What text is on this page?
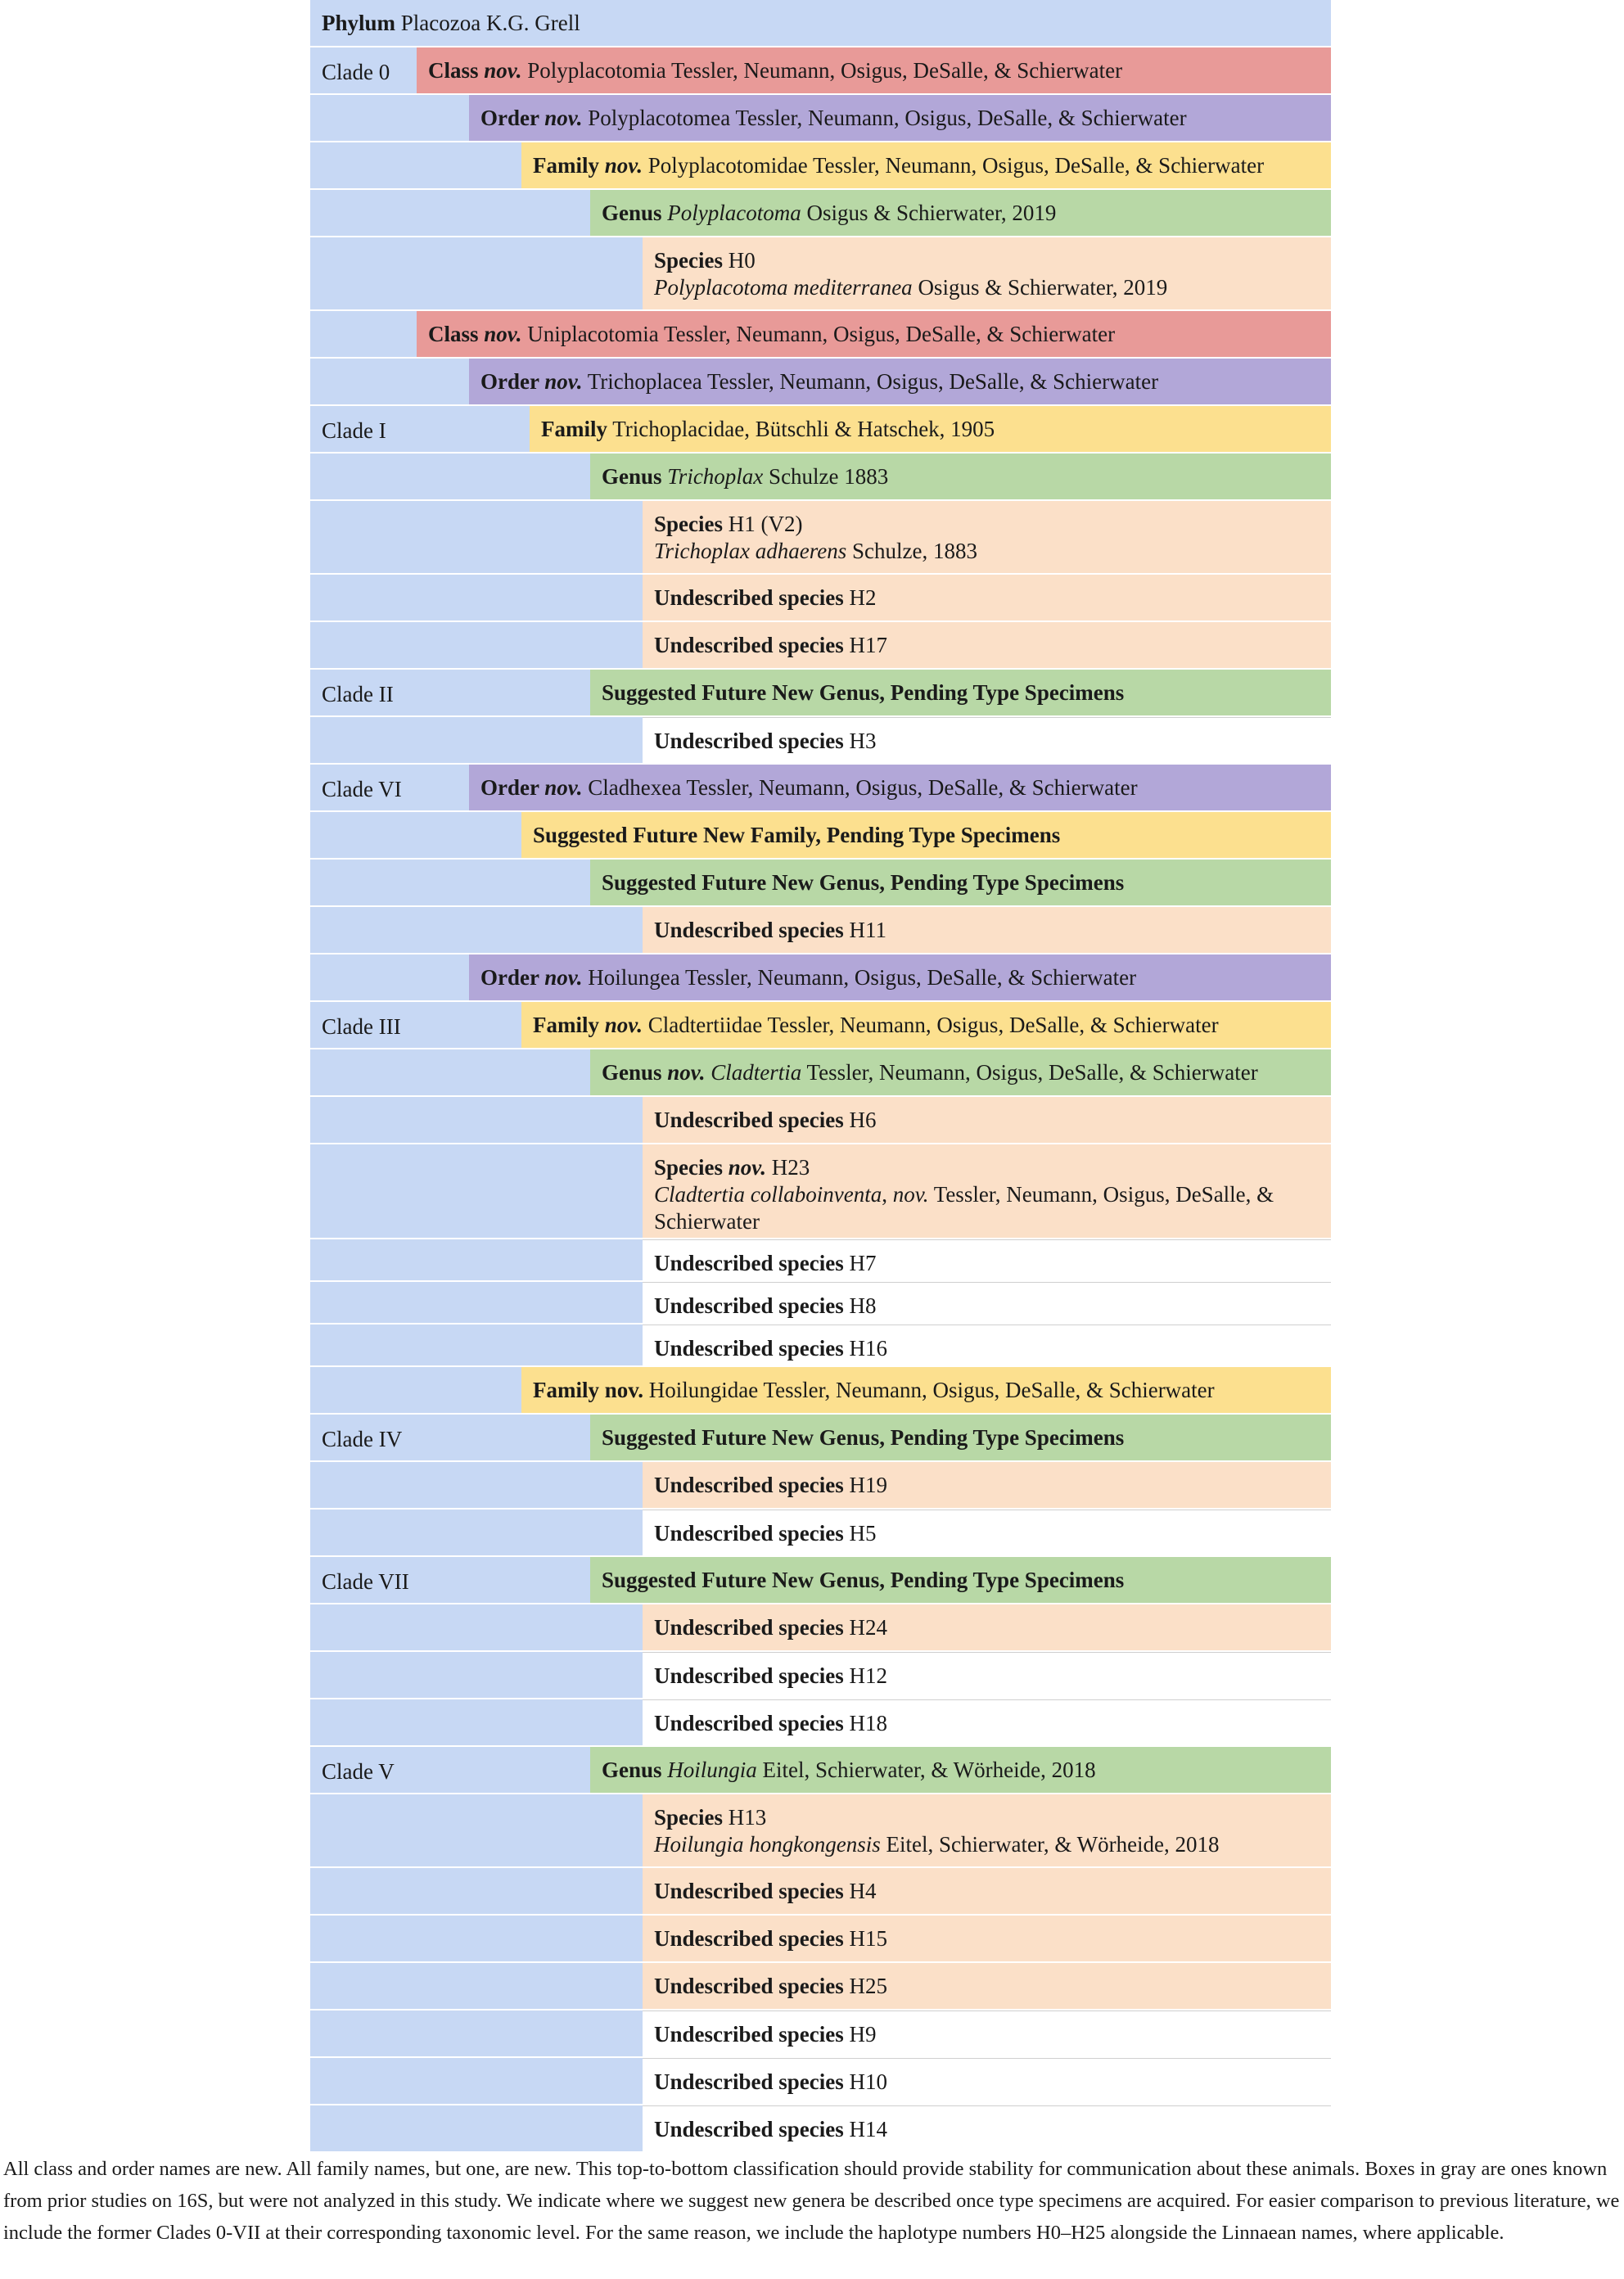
Phylum Placozoa K.G. Grell
Clade 0	Class nov. Polyplacotomia Tessler, Neumann, Osigus, DeSalle, & Schierwater
Order nov. Polyplacotomea Tessler, Neumann, Osigus, DeSalle, & Schierwater
Family nov. Polyplacotomidae Tessler, Neumann, Osigus, DeSalle, & Schierwater
Genus Polyplacotoma Osigus & Schierwater, 2019
Species H0
Polyplacotoma mediterranea Osigus & Schierwater, 2019
Class nov. Uniplacotomia Tessler, Neumann, Osigus, DeSalle, & Schierwater
Order nov. Trichoplacea Tessler, Neumann, Osigus, DeSalle, & Schierwater
Clade I	Family Trichoplacidae, Bütschli & Hatschek, 1905
Genus Trichoplax Schulze 1883
Species H1 (V2)
Trichoplax adhaerens Schulze, 1883
Undescribed species H2
Undescribed species H17
Clade II	Suggested Future New Genus, Pending Type Specimens
Undescribed species H3
Clade VI	Order nov. Cladhexea Tessler, Neumann, Osigus, DeSalle, & Schierwater
Suggested Future New Family, Pending Type Specimens
Suggested Future New Genus, Pending Type Specimens
Undescribed species H11
Order nov. Hoilungea Tessler, Neumann, Osigus, DeSalle, & Schierwater
Clade III	Family nov. Cladtertiidae Tessler, Neumann, Osigus, DeSalle, & Schierwater
Genus nov. Cladtertia Tessler, Neumann, Osigus, DeSalle, & Schierwater
Undescribed species H6
Species nov. H23
Cladtertia collaboinventa, nov. Tessler, Neumann, Osigus, DeSalle, &
Schierwater
Undescribed species H7
Undescribed species H8
Undescribed species H16
Family nov. Hoilungidae Tessler, Neumann, Osigus, DeSalle, & Schierwater
Clade IV	Suggested Future New Genus, Pending Type Specimens
Undescribed species H19
Undescribed species H5
Clade VII	Suggested Future New Genus, Pending Type Specimens
Undescribed species H24
Undescribed species H12
Undescribed species H18
Clade V	Genus Hoilungia Eitel, Schierwater, & Wörheide, 2018
Species H13
Hoilungia hongkongensis Eitel, Schierwater, & Wörheide, 2018
Undescribed species H4
Undescribed species H15
Undescribed species H25
Undescribed species H9
Undescribed species H10
Undescribed species H14
All class and order names are new. All family names, but one, are new. This top-to-bottom classification should provide stability for communication about these animals. Boxes in gray are ones known from prior studies on 16S, but were not analyzed in this study. We indicate where we suggest new genera be described once type specimens are acquired. For easier comparison to previous literature, we include the former Clades 0-VII at their corresponding taxonomic level. For the same reason, we include the haplotype numbers H0–H25 alongside the Linnaean names, where applicable.
